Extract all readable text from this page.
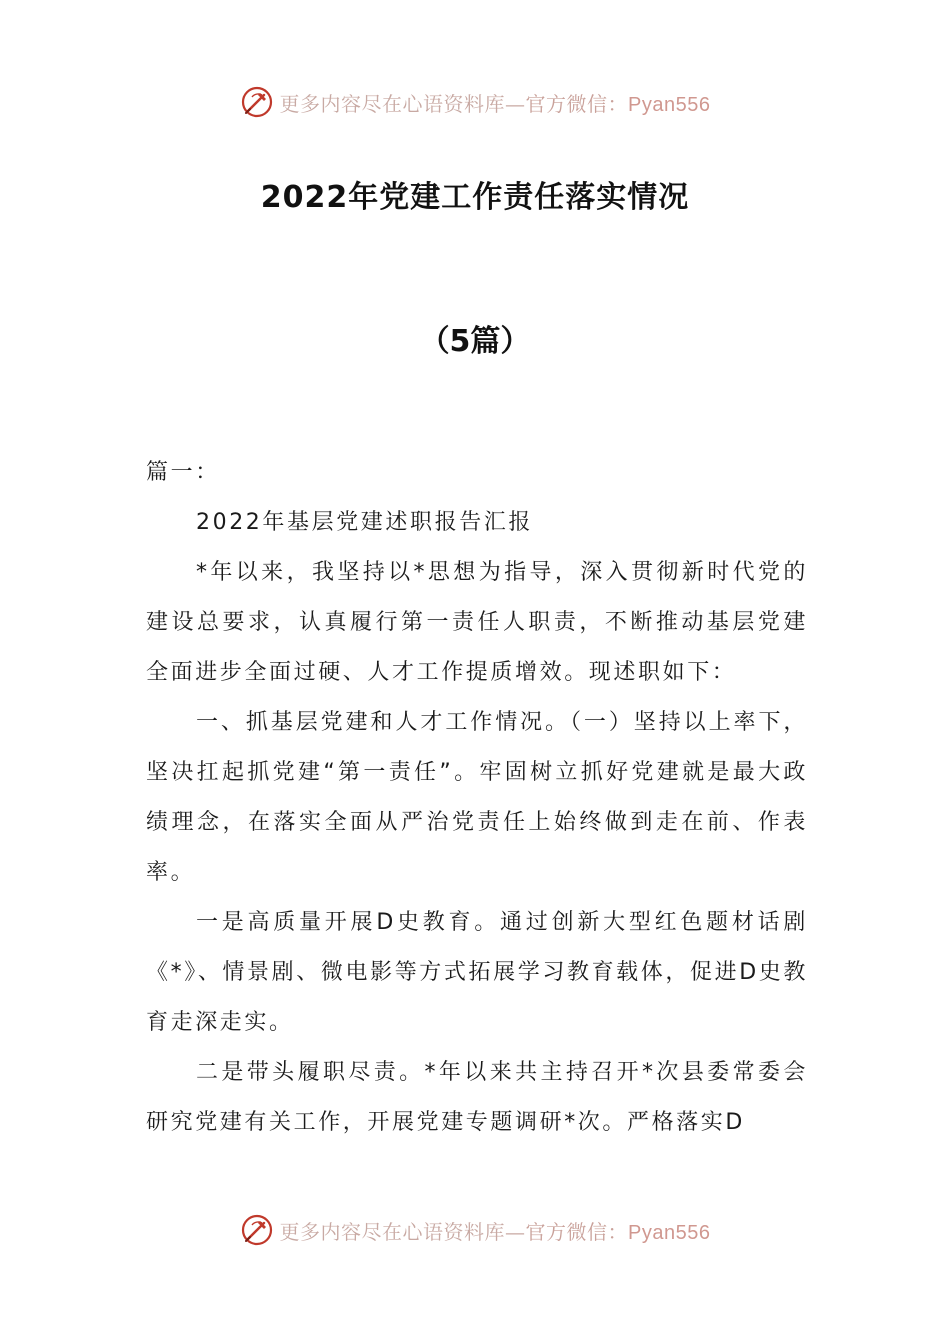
更多内容尽在心语资料库—官方微信：Pyan556
2022年党建工作责任落实情况
（5篇）

篇一：

2022年基层党建述职报告汇报

*年以来，我坚持以*思想为指导，深入贯彻新时代党的建设总要求，认真履行第一责任人职责，不断推动基层党建全面进步全面过硬、人才工作提质增效。现述职如下：

一、抓基层党建和人才工作情况。（一）坚持以上率下，坚决扛起抓党建“第一责任”。牢固树立抓好党建就是最大政绩理念，在落实全面从严治党责任上始终做到走在前、作表率。

一是高质量开展D史教育。通过创新大型红色题材话剧《*》、情景剧、微电影等方式拓展学习教育载体，促进D史教育走深走实。

二是带头履职尽责。*年以来共主持召开*次县委常委会研究党建有关工作，开展党建专题调研*次。严格落实D

更多内容尽在心语资料库—官方微信：Pyan556
